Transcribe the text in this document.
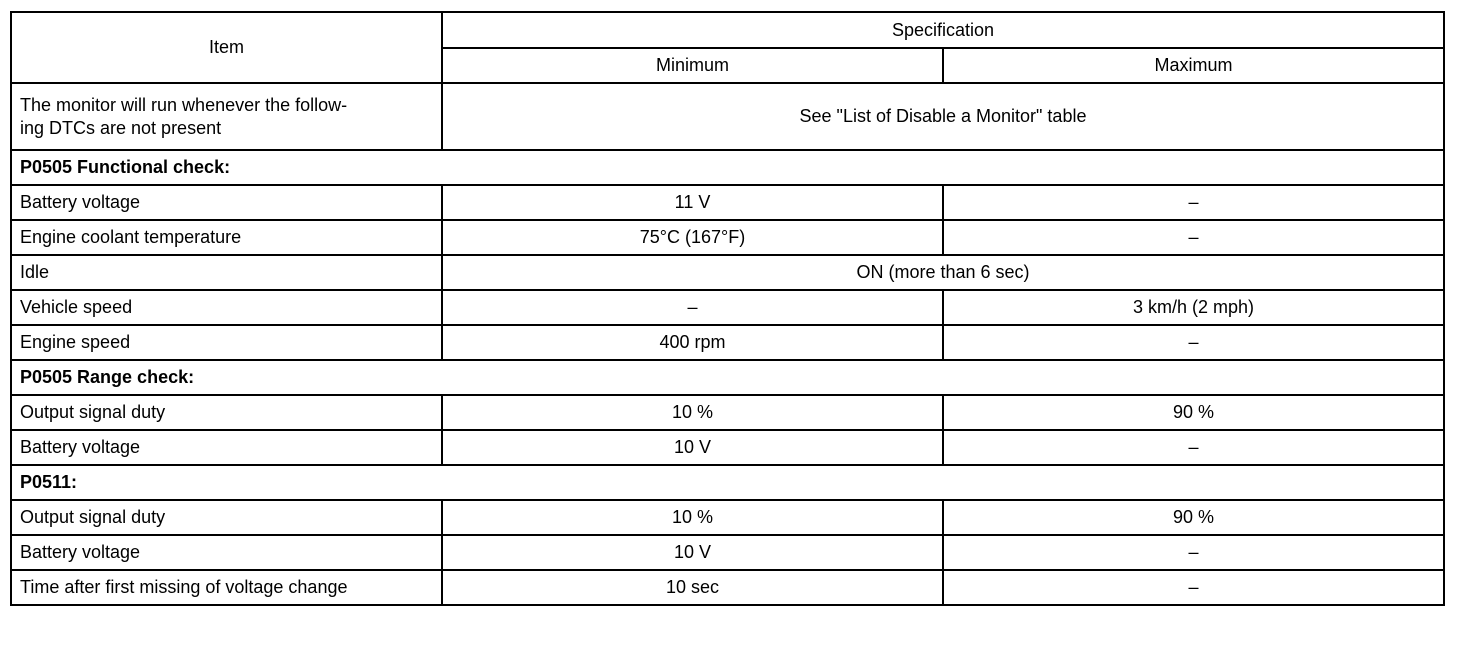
Item	Specification	
	Minimum	Maximum

The monitor will run whenever the follow-
ing DTCs are not present	See "List of Disable a Monitor" table	
P0505 Functional check:		
Battery voltage	11 V	–
Engine coolant temperature	75°C (167°F)	–
Idle	ON (more than 6 sec)	
Vehicle speed	–	3 km/h (2 mph)
Engine speed	400 rpm	–
P0505 Range check:		
Output signal duty	10 %	90 %
Battery voltage	10 V	–
P0511:		
Output signal duty	10 %	90 %
Battery voltage	10 V	–
Time after first missing of voltage change	10 sec	–
